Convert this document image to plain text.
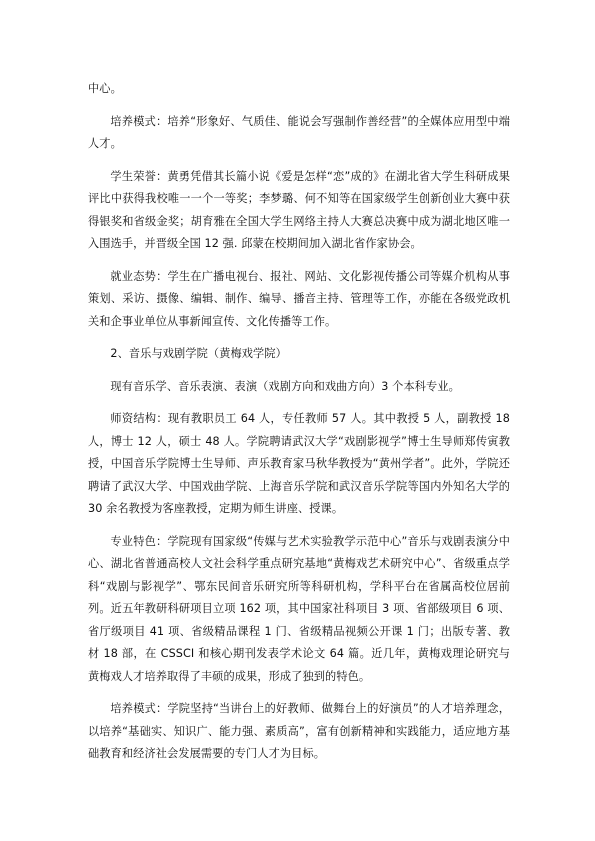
中心。

培养模式：培养“形象好、气质佳、能说会写强制作善经营”的全媒体应用型中端人才。

学生荣誉：黄勇凭借其长篇小说《爱是怎样“恋”成的》在湖北省大学生科研成果评比中获得我校唯一一个一等奖；李梦璐、何不知等在国家级学生创新创业大赛中获得银奖和省级金奖；胡育雅在全国大学生网络主持人大赛总决赛中成为湖北地区唯一入围选手，并晋级全国 12 强. 邱蒙在校期间加入湖北省作家协会。

就业态势：学生在广播电视台、报社、网站、文化影视传播公司等媒介机构从事策划、采访、摄像、编辑、制作、编导、播音主持、管理等工作，亦能在各级党政机关和企事业单位从事新闻宣传、文化传播等工作。

2、音乐与戏剧学院（黄梅戏学院）

现有音乐学、音乐表演、表演（戏剧方向和戏曲方向）3 个本科专业。

师资结构：现有教职员工 64 人，专任教师 57 人。其中教授 5 人，副教授 18 人，博士 12 人，硕士 48 人。学院聘请武汉大学“戏剧影视学”博士生导师郑传寅教授，中国音乐学院博士生导师、声乐教育家马秋华教授为“黄州学者”。此外，学院还聘请了武汉大学、中国戏曲学院、上海音乐学院和武汉音乐学院等国内外知名大学的 30 余名教授为客座教授，定期为师生讲座、授课。

专业特色：学院现有国家级“传媒与艺术实验教学示范中心”音乐与戏剧表演分中心、湖北省普通高校人文社会科学重点研究基地“黄梅戏艺术研究中心”、省级重点学科“戏剧与影视学”、鄂东民间音乐研究所等科研机构，学科平台在省属高校位居前列。近五年教研科研项目立项 162 项，其中国家社科项目 3 项、省部级项目 6 项、省厅级项目 41 项、省级精品课程 1 门、省级精品视频公开课 1 门；出版专著、教材 18 部，在 CSSCI 和核心期刊发表学术论文 64 篇。近几年，黄梅戏理论研究与黄梅戏人才培养取得了丰硕的成果，形成了独到的特色。

培养模式：学院坚持“当讲台上的好教师、做舞台上的好演员”的人才培养理念，以培养“基础实、知识广、能力强、素质高”，富有创新精神和实践能力，适应地方基础教育和经济社会发展需要的专门人才为目标。
